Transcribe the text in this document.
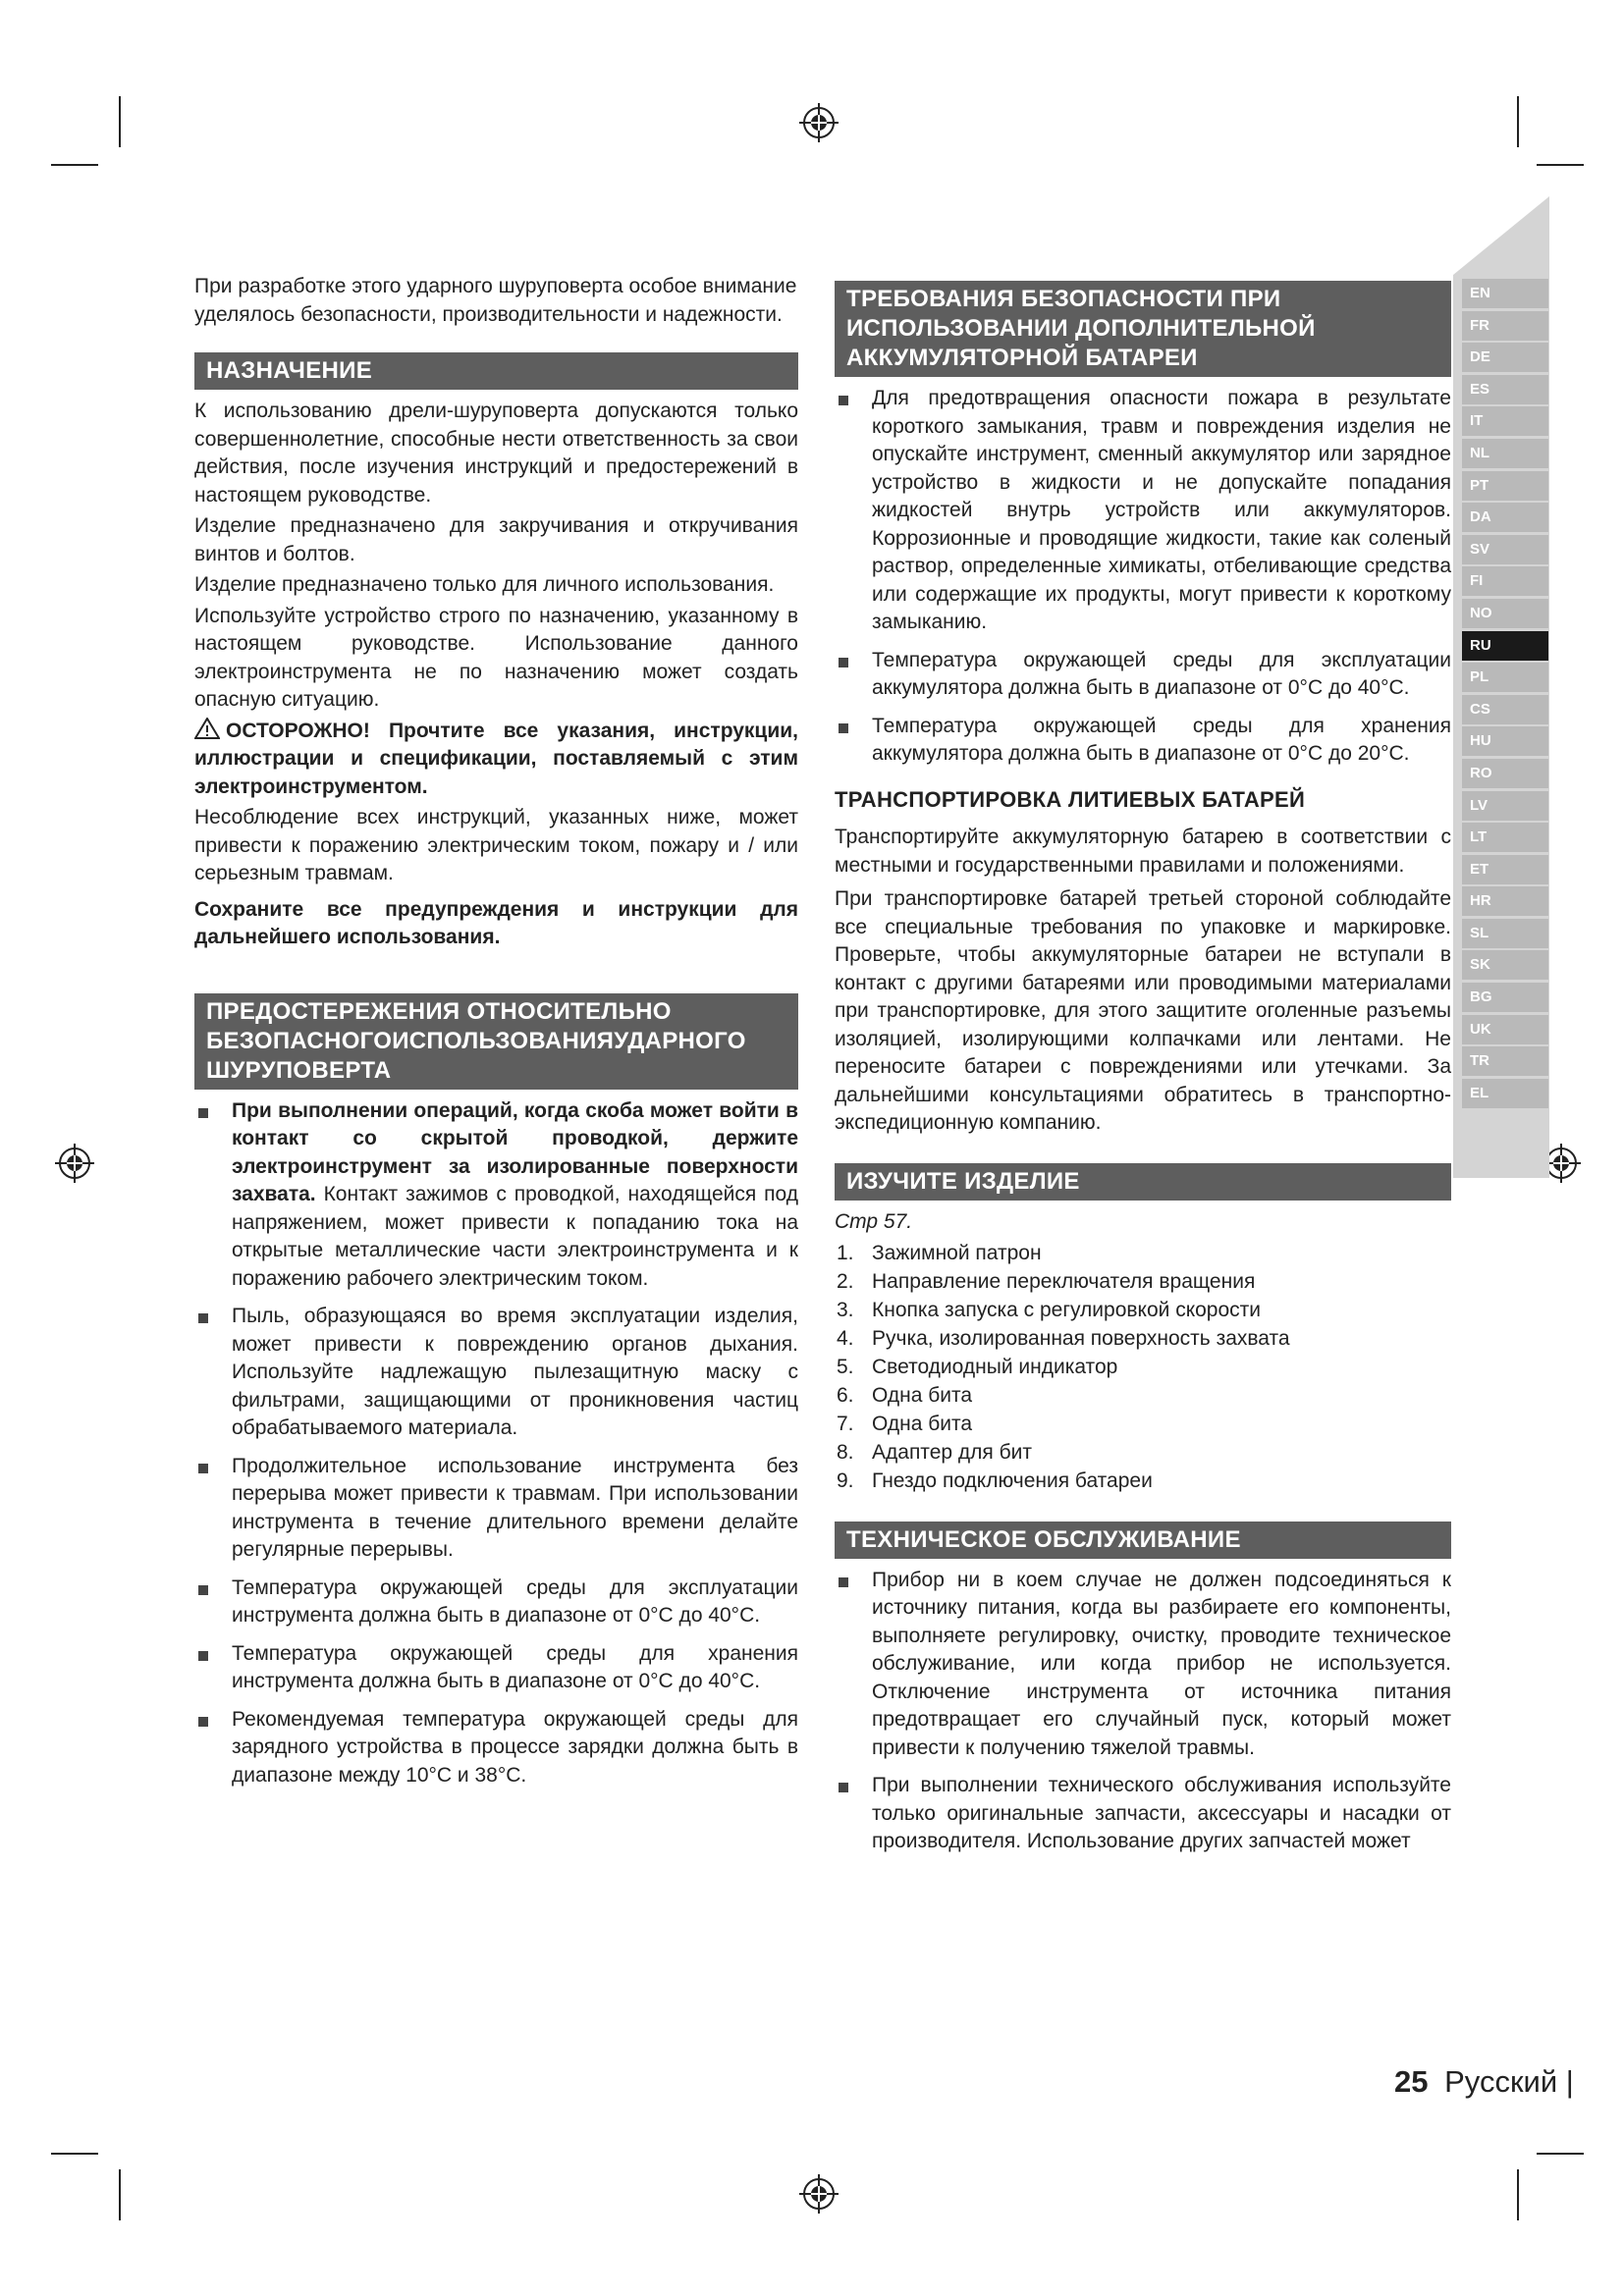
При разработке этого ударного шуруповерта особое внимание уделялось безопасности, производительности и надежности.

НАЗНАЧЕНИЕ

К использованию дрели-шуруповерта допускаются только совершеннолетние, способные нести ответственность за свои действия, после изучения инструкций и предостережений в настоящем руководстве.

Изделие предназначено для закручивания и откручивания винтов и болтов.

Изделие предназначено только для личного использования.

Используйте устройство строго по назначению, указанному в настоящем руководстве. Использование данного электроинструмента не по назначению может создать опасную ситуацию.

ОСТОРОЖНО! Прочтите все указания, инструкции, иллюстрации и спецификации, поставляемый с этим электроинструментом.

Несоблюдение всех инструкций, указанных ниже, может привести к поражению электрическим током, пожару и / или серьезным травмам.

Сохраните все предупреждения и инструкции для дальнейшего использования.

ПРЕДОСТЕРЕЖЕНИЯ ОТНОСИТЕЛЬНО БЕЗОПАСНОГОИСПОЛЬЗОВАНИЯУДАРНОГО ШУРУПОВЕРТА
При выполнении операций, когда скоба может войти в контакт со скрытой проводкой, держите электроинструмент за изолированные поверхности захвата. Контакт зажимов с проводкой, находящейся под напряжением, может привести к попаданию тока на открытые металлические части электроинструмента и к поражению рабочего электрическим током.
Пыль, образующаяся во время эксплуатации изделия, может привести к повреждению органов дыхания. Используйте надлежащую пылезащитную маску с фильтрами, защищающими от проникновения частиц обрабатываемого материала.
Продолжительное использование инструмента без перерыва может привести к травмам. При использовании инструмента в течение длительного времени делайте регулярные перерывы.
Температура окружающей среды для эксплуатации инструмента должна быть в диапазоне от 0°C до 40°C.
Температура окружающей среды для хранения инструмента должна быть в диапазоне от 0°C до 40°C.
Рекомендуемая температура окружающей среды для зарядного устройства в процессе зарядки должна быть в диапазоне между 10°C и 38°C.
ТРЕБОВАНИЯ БЕЗОПАСНОСТИ ПРИ ИСПОЛЬЗОВАНИИ ДОПОЛНИТЕЛЬНОЙ АККУМУЛЯТОРНОЙ БАТАРЕИ
Для предотвращения опасности пожара в результате короткого замыкания, травм и повреждения изделия не опускайте инструмент, сменный аккумулятор или зарядное устройство в жидкости и не допускайте попадания жидкостей внутрь устройств или аккумуляторов. Коррозионные и проводящие жидкости, такие как соленый раствор, определенные химикаты, отбеливающие средства или содержащие их продукты, могут привести к короткому замыканию.
Температура окружающей среды для эксплуатации аккумулятора должна быть в диапазоне от 0°C до 40°C.
Температура окружающей среды для хранения аккумулятора должна быть в диапазоне от 0°C до 20°C.
ТРАНСПОРТИРОВКА ЛИТИЕВЫХ БАТАРЕЙ

Транспортируйте аккумуляторную батарею в соответствии с местными и государственными правилами и положениями.

При транспортировке батарей третьей стороной соблюдайте все специальные требования по упаковке и маркировке. Проверьте, чтобы аккумуляторные батареи не вступали в контакт с другими батареями или проводимыми материалами при транспортировке, для этого защитите оголенные разъемы изоляцией, изолирующими колпачками или лентами. Не переносите батареи с повреждениями или утечками. За дальнейшими консультациями обратитесь в транспортно-экспедиционную компанию.

ИЗУЧИТЕ ИЗДЕЛИЕ

Стр 57.

1. Зажимной патрон
2. Направление переключателя вращения
3. Кнопка запуска с регулировкой скорости
4. Ручка, изолированная поверхность захвата
5. Светодиодный индикатор
6. Одна бита
7. Одна бита
8. Адаптер для бит
9. Гнездо подключения батареи
ТЕХНИЧЕСКОЕ ОБСЛУЖИВАНИЕ
Прибор ни в коем случае не должен подсоединяться к источнику питания, когда вы разбираете его компоненты, выполняете регулировку, очистку, проводите техническое обслуживание, или когда прибор не используется. Отключение инструмента от источника питания предотвращает его случайный пуск, который может привести к получению тяжелой травмы.
При выполнении технического обслуживания используйте только оригинальные запчасти, аксессуары и насадки от производителя. Использование других запчастей может
EN
FR
DE
ES
IT
NL
PT
DA
SV
FI
NO
RU
PL
CS
HU
RO
LV
LT
ET
HR
SL
SK
BG
UK
TR
EL
25 Русский |
